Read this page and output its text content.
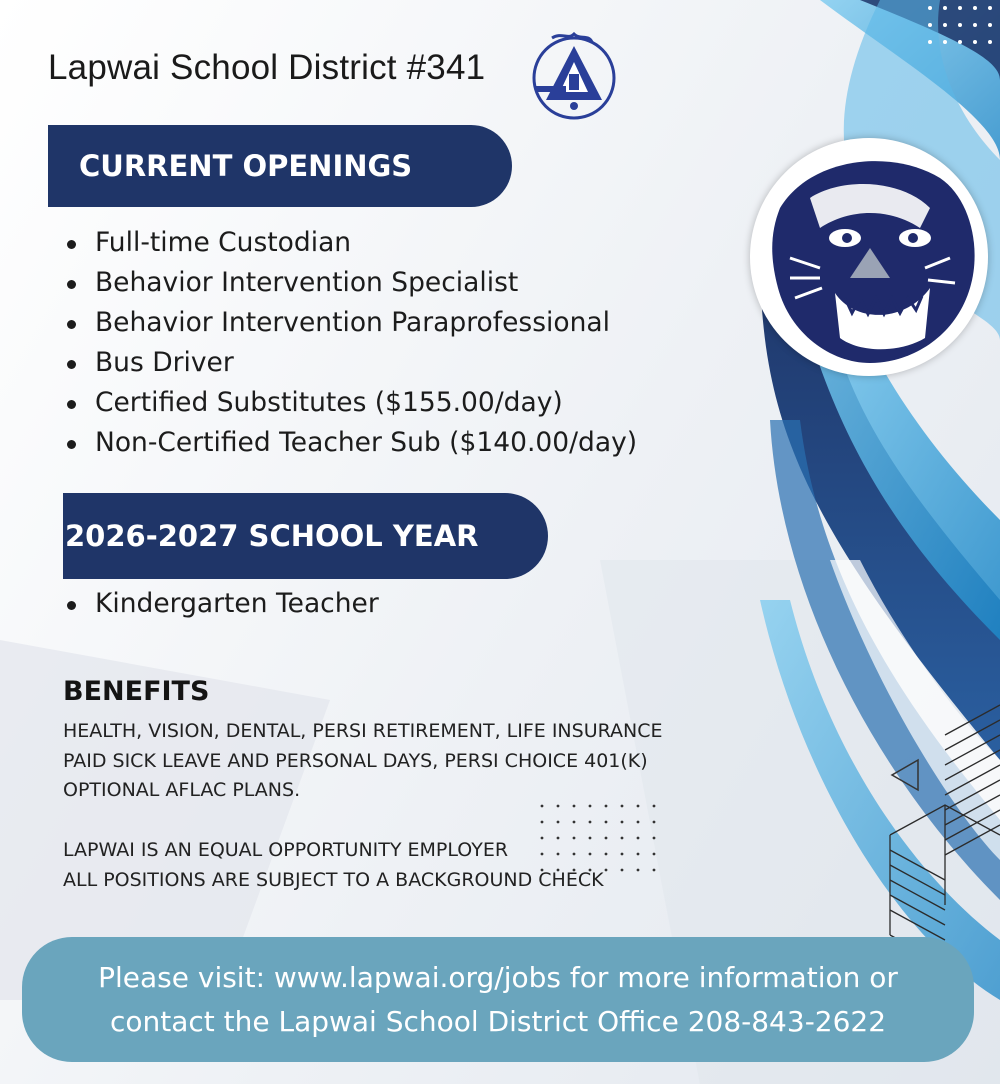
Lapwai School District #341
CURRENT OPENINGS
Full-time Custodian
Behavior Intervention Specialist
Behavior Intervention Paraprofessional
Bus Driver
Certified Substitutes ($155.00/day)
Non-Certified Teacher Sub ($140.00/day)
2026-2027 SCHOOL YEAR
Kindergarten Teacher
BENEFITS
HEALTH, VISION, DENTAL, PERSI RETIREMENT, LIFE INSURANCE
PAID SICK LEAVE AND PERSONAL DAYS, PERSI CHOICE 401(K)
OPTIONAL AFLAC PLANS.
LAPWAI IS AN EQUAL OPPORTUNITY EMPLOYER
ALL POSITIONS ARE SUBJECT TO A BACKGROUND CHECK
Please visit: www.lapwai.org/jobs for more information or
contact the Lapwai School District Office 208-843-2622
